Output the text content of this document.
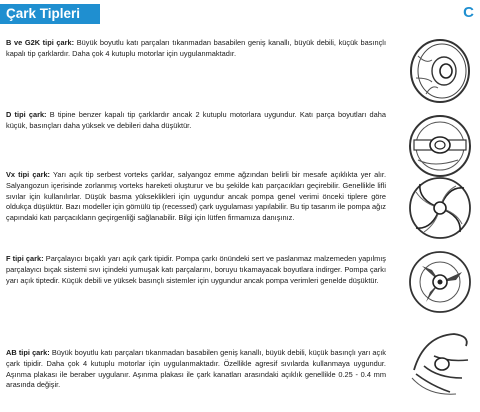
Çark Tipleri	C
B ve G2K tipi çark: Büyük boyutlu katı parçaları tıkanmadan basabilen geniş kanallı, büyük debili, küçük basınçlı kapalı tip çarklardır. Daha çok 4 kutuplu motorlar için uygulanmaktadır.
D tipi çark: B tipine benzer kapalı tip çarklardır ancak 2 kutuplu motorlara uygundur. Katı parça boyutları daha küçük, basınçları daha yüksek ve debileri daha düşüktür.
Vx tipi çark: Yarı açık tip serbest vorteks çarklar, salyangoz emme ağzından belirli bir mesafe açıklıkta yer alır. Salyangozun içerisinde zorlanmış vorteks hareketi oluşturur ve bu şekilde katı parçacıkları geçirebilir. Genellikle lifli sıvılar için kullanılırlar. Düşük basma yükseklikleri için uygundur ancak pompa genel verimi önceki tiplere göre oldukça düşüktür. Bazı modeller için gömülü tip (recessed) çark uygulaması yapılabilir. Bu tip tasarım ile pompa ağız çapındaki katı parçacıkların geçirgenliği sağlanabilir. Bilgi için lütfen firmamıza danışınız.
F tipi çark: Parçalayıcı bıçaklı yarı açık çark tipidir. Pompa çarkı önündeki sert ve paslanmaz malzemeden yapılmış parçalayıcı bıçak sistemi sıvı içindeki yumuşak katı parçalarını, boruyu tıkamayacak boyutlara indirger. Pompa çarkı yarı açık tiptedir. Küçük debili ve yüksek basınçlı sistemler için uygundur ancak pompa verimleri genelde düşüktür.
AB tipi çark: Büyük boyutlu katı parçaları tıkanmadan basabilen geniş kanallı, büyük debili, küçük basınçlı yarı açık çark tipidir. Daha çok 4 kutuplu motorlar için uygulanmaktadır. Özellikle agresif sıvılarda kullanmaya uygundur. Aşınma plakası ile beraber uygulanır. Aşınma plakası ile çark kanatları arasındaki açıklık genellikle 0.25 - 0.4 mm arasında değişir.
